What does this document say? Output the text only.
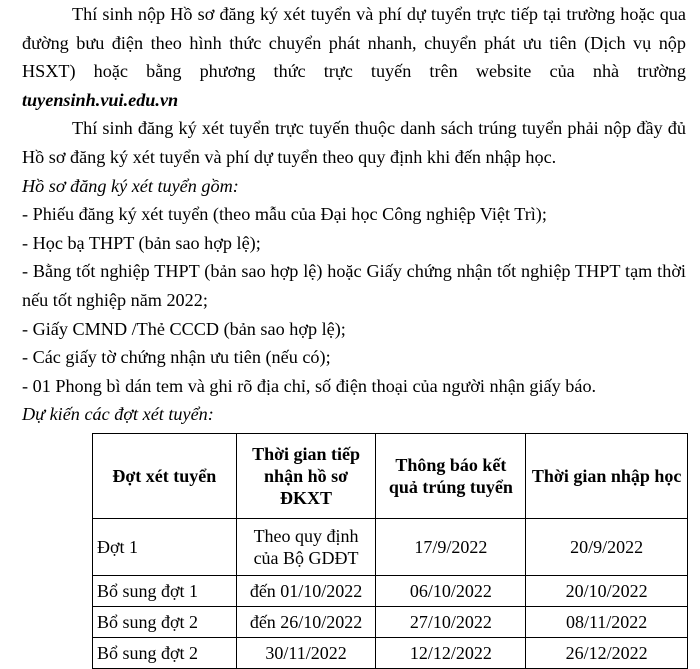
Thí sinh nộp Hồ sơ đăng ký xét tuyển và phí dự tuyển trực tiếp tại trường hoặc qua đường bưu điện theo hình thức chuyển phát nhanh, chuyển phát ưu tiên (Dịch vụ nộp HSXT) hoặc bằng phương thức trực tuyến trên website của nhà trường tuyensinh.vui.edu.vn

Thí sinh đăng ký xét tuyển trực tuyến thuộc danh sách trúng tuyển phải nộp đầy đủ Hồ sơ đăng ký xét tuyển và phí dự tuyển theo quy định khi đến nhập học.

Hồ sơ đăng ký xét tuyển gồm:

- Phiếu đăng ký xét tuyển (theo mẫu của Đại học Công nghiệp Việt Trì);

- Học bạ THPT (bản sao hợp lệ);

- Bằng tốt nghiệp THPT (bản sao hợp lệ) hoặc Giấy chứng nhận tốt nghiệp THPT tạm thời nếu tốt nghiệp năm 2022;

- Giấy CMND /Thẻ CCCD (bản sao hợp lệ);

- Các giấy tờ chứng nhận ưu tiên (nếu có);

- 01 Phong bì dán tem và ghi rõ địa chỉ, số điện thoại của người nhận giấy báo.

Dự kiến các đợt xét tuyển:

Đợt xét tuyển	Thời gian tiếp nhận hồ sơ ĐKXT	Thông báo kết quả trúng tuyển	Thời gian nhập học
Đợt 1	Theo quy định của Bộ GDĐT	17/9/2022	20/9/2022
Bổ sung đợt 1	đến 01/10/2022	06/10/2022	20/10/2022
Bổ sung đợt 2	đến 26/10/2022	27/10/2022	08/11/2022
Bổ sung đợt 2	30/11/2022	12/12/2022	26/12/2022
